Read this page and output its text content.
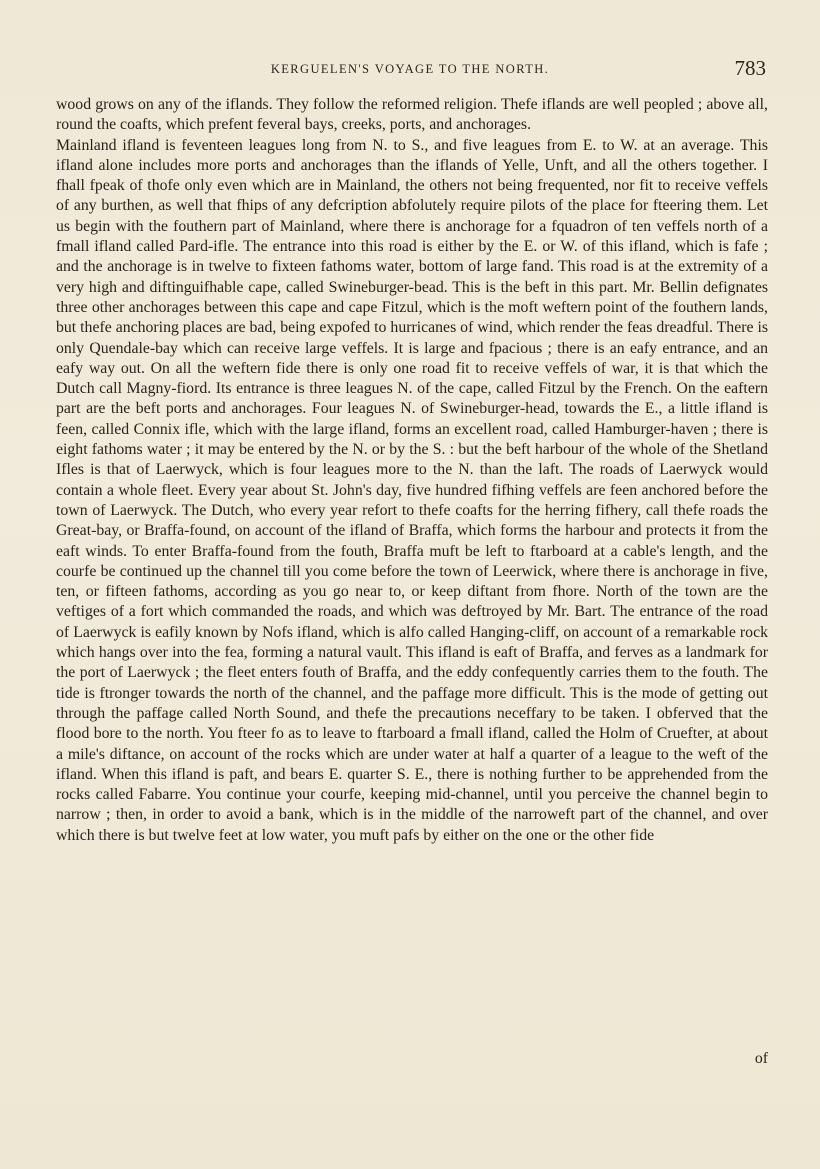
KERGUELEN'S VOYAGE TO THE NORTH.	783

wood grows on any of the iflands. They follow the reformed religion. Thefe iflands are well peopled ; above all, round the coafts, which prefent feveral bays, creeks, ports, and anchorages.

Mainland ifland is feventeen leagues long from N. to S., and five leagues from E. to W. at an average. This ifland alone includes more ports and anchorages than the iflands of Yelle, Unft, and all the others together. I fhall fpeak of thofe only even which are in Mainland, the others not being frequented, nor fit to receive veffels of any burthen, as well that fhips of any defcription abfolutely require pilots of the place for fteering them. Let us begin with the fouthern part of Mainland, where there is anchorage for a fquadron of ten veffels north of a fmall ifland called Pard-ifle. The entrance into this road is either by the E. or W. of this ifland, which is fafe ; and the anchorage is in twelve to fixteen fathoms water, bottom of large fand. This road is at the extremity of a very high and diftinguifhable cape, called Swineburger-bead. This is the beft in this part. Mr. Bellin defignates three other anchorages between this cape and cape Fitzul, which is the moft weftern point of the fouthern lands, but thefe anchoring places are bad, being expofed to hurricanes of wind, which render the feas dreadful. There is only Quendale-bay which can receive large veffels. It is large and fpacious ; there is an eafy entrance, and an eafy way out. On all the weftern fide there is only one road fit to receive veffels of war, it is that which the Dutch call Magny-fiord. Its entrance is three leagues N. of the cape, called Fitzul by the French. On the eaftern part are the beft ports and anchorages. Four leagues N. of Swineburger-head, towards the E., a little ifland is feen, called Connix ifle, which with the large ifland, forms an excellent road, called Hamburger-haven ; there is eight fathoms water ; it may be entered by the N. or by the S. : but the beft harbour of the whole of the Shetland Ifles is that of Laerwyck, which is four leagues more to the N. than the laft. The roads of Laerwyck would contain a whole fleet. Every year about St. John's day, five hundred fifhing veffels are feen anchored before the town of Laerwyck. The Dutch, who every year refort to thefe coafts for the herring fifhery, call thefe roads the Great-bay, or Braffa-found, on account of the ifland of Braffa, which forms the harbour and protects it from the eaft winds. To enter Braffa-found from the fouth, Braffa muft be left to ftarboard at a cable's length, and the courfe be continued up the channel till you come before the town of Leerwick, where there is anchorage in five, ten, or fifteen fathoms, according as you go near to, or keep diftant from fhore. North of the town are the veftiges of a fort which commanded the roads, and which was deftroyed by Mr. Bart. The entrance of the road of Laerwyck is eafily known by Nofs ifland, which is alfo called Hanging-cliff, on account of a remarkable rock which hangs over into the fea, forming a natural vault. This ifland is eaft of Braffa, and ferves as a landmark for the port of Laerwyck ; the fleet enters fouth of Braffa, and the eddy confequently carries them to the fouth. The tide is ftronger towards the north of the channel, and the paffage more difficult. This is the mode of getting out through the paffage called North Sound, and thefe the precautions neceffary to be taken. I obferved that the flood bore to the north. You fteer fo as to leave to ftarboard a fmall ifland, called the Holm of Cruefter, at about a mile's diftance, on account of the rocks which are under water at half a quarter of a league to the weft of the ifland. When this ifland is paft, and bears E. quarter S. E., there is nothing further to be apprehended from the rocks called Fabarre. You continue your courfe, keeping mid-channel, until you perceive the channel begin to narrow ; then, in order to avoid a bank, which is in the middle of the narroweft part of the channel, and over which there is but twelve feet at low water, you muft pafs by either on the one or the other fide

of
